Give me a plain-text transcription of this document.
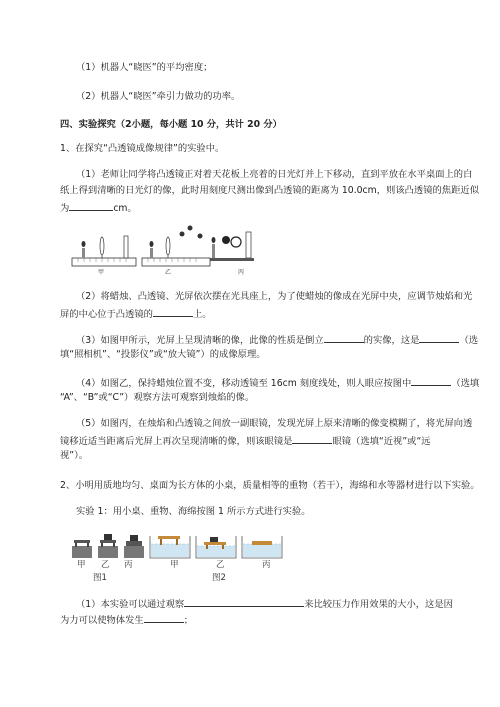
（1）机器人“晓医”的平均密度；
（2）机器人“晓医”牵引力做功的功率。
四、实验探究（2小题，每小题 10 分，共计 20 分）
1、在探究“凸透镜成像规律”的实验中。
（1）老师让同学将凸透镜正对着天花板上亮着的日光灯并上下移动，直到平放在水平桌面上的白
纸上得到清晰的日光灯的像，此时用刻度尺测出像到凸透镜的距离为 10.0cm，则该凸透镜的焦距近似
为	cm。
甲	乙	丙
（2）将蜡烛、凸透镜、光屏依次摆在光具座上，为了使蜡烛的像成在光屏中央，应调节烛焰和光
屏的中心位于凸透镜的	上。
（3）如图甲所示，光屏上呈现清晰的像，此像的性质是倒立	的实像，这是	（选
填“照相机”、“投影仪”或“放大镜”）的成像原理。
（4）如图乙，保持蜡烛位置不变，移动透镜至 16cm 刻度线处，则人眼应按图中	（选填
“A”、“B”或“C”）观察方法可观察到烛焰的像。
（5）如图丙，在烛焰和凸透镜之间放一副眼镜，发现光屏上原来清晰的像变模糊了，将光屏向透
镜移近适当距离后光屏上再次呈现清晰的像，则该眼镜是	眼镜（选填“近视”或“远
视”）。
2、小明用质地均匀、桌面为长方体的小桌，质量相等的重物（若干），海绵和水等器材进行以下实验。
实验 1：用小桌、重物、海绵按图 1 所示方式进行实验。
甲 乙 丙
图1
甲	乙	丙
图2
（1）本实验可以通过观察	来比较压力作用效果的大小，这是因
为力可以使物体发生	；
